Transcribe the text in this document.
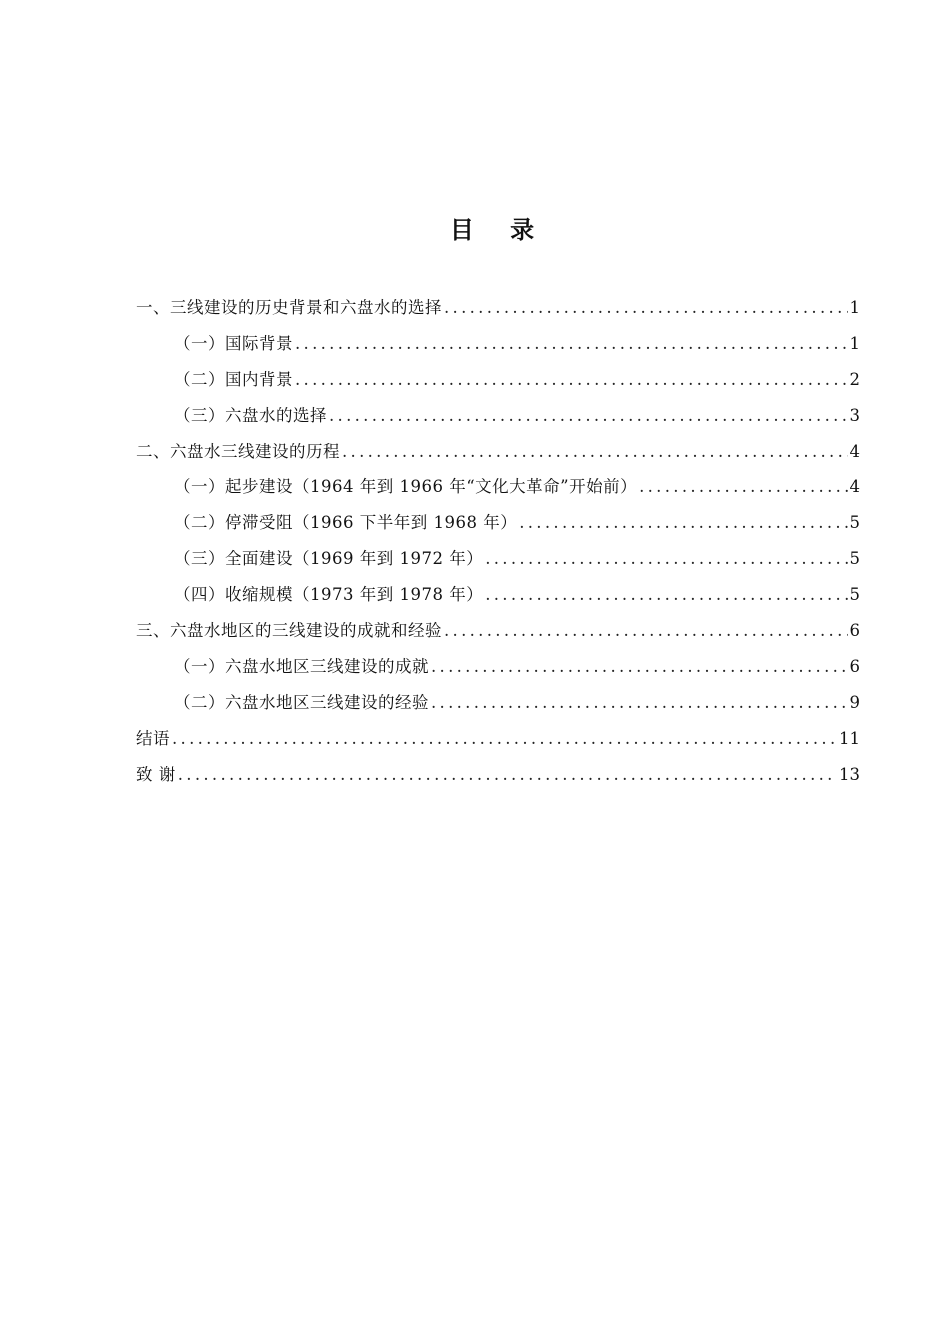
目 录
一、三线建设的历史背景和六盘水的选择 .....	1
（一）国际背景 .....	1
（二）国内背景 .....	2
（三）六盘水的选择 .....	3
二、六盘水三线建设的历程 .....	4
（一）起步建设（1964 年到 1966 年“文化大革命”开始前） .....	4
（二）停滞受阻（1966 下半年到 1968 年） .....	5
（三）全面建设（1969 年到 1972 年） .....	5
（四）收缩规模（1973 年到 1978 年） .....	5
三、六盘水地区的三线建设的成就和经验 .....	6
（一）六盘水地区三线建设的成就 .....	6
（二）六盘水地区三线建设的经验 .....	9
结语 .....	11
致 谢 .....	13
